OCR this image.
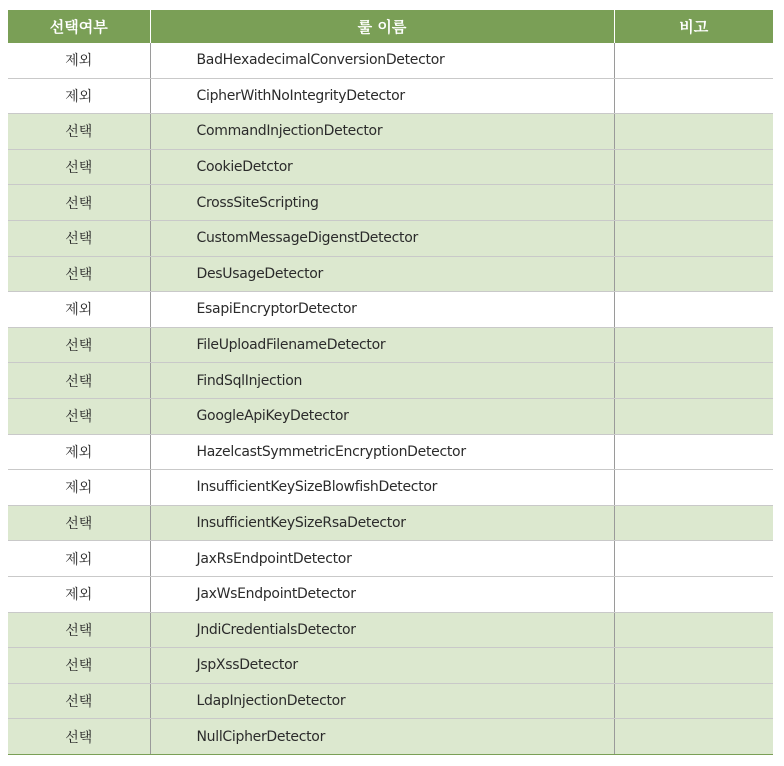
선택여부	룰 이름	비고
제외	BadHexadecimalConversionDetector	
제외	CipherWithNoIntegrityDetector	
선택	CommandInjectionDetector	
선택	CookieDetctor	
선택	CrossSiteScripting	
선택	CustomMessageDigenstDetector	
선택	DesUsageDetector	
제외	EsapiEncryptorDetector	
선택	FileUploadFilenameDetector	
선택	FindSqlInjection	
선택	GoogleApiKeyDetector	
제외	HazelcastSymmetricEncryptionDetector	
제외	InsufficientKeySizeBlowfishDetector	
선택	InsufficientKeySizeRsaDetector	
제외	JaxRsEndpointDetector	
제외	JaxWsEndpointDetector	
선택	JndiCredentialsDetector	
선택	JspXssDetector	
선택	LdapInjectionDetector	
선택	NullCipherDetector	
